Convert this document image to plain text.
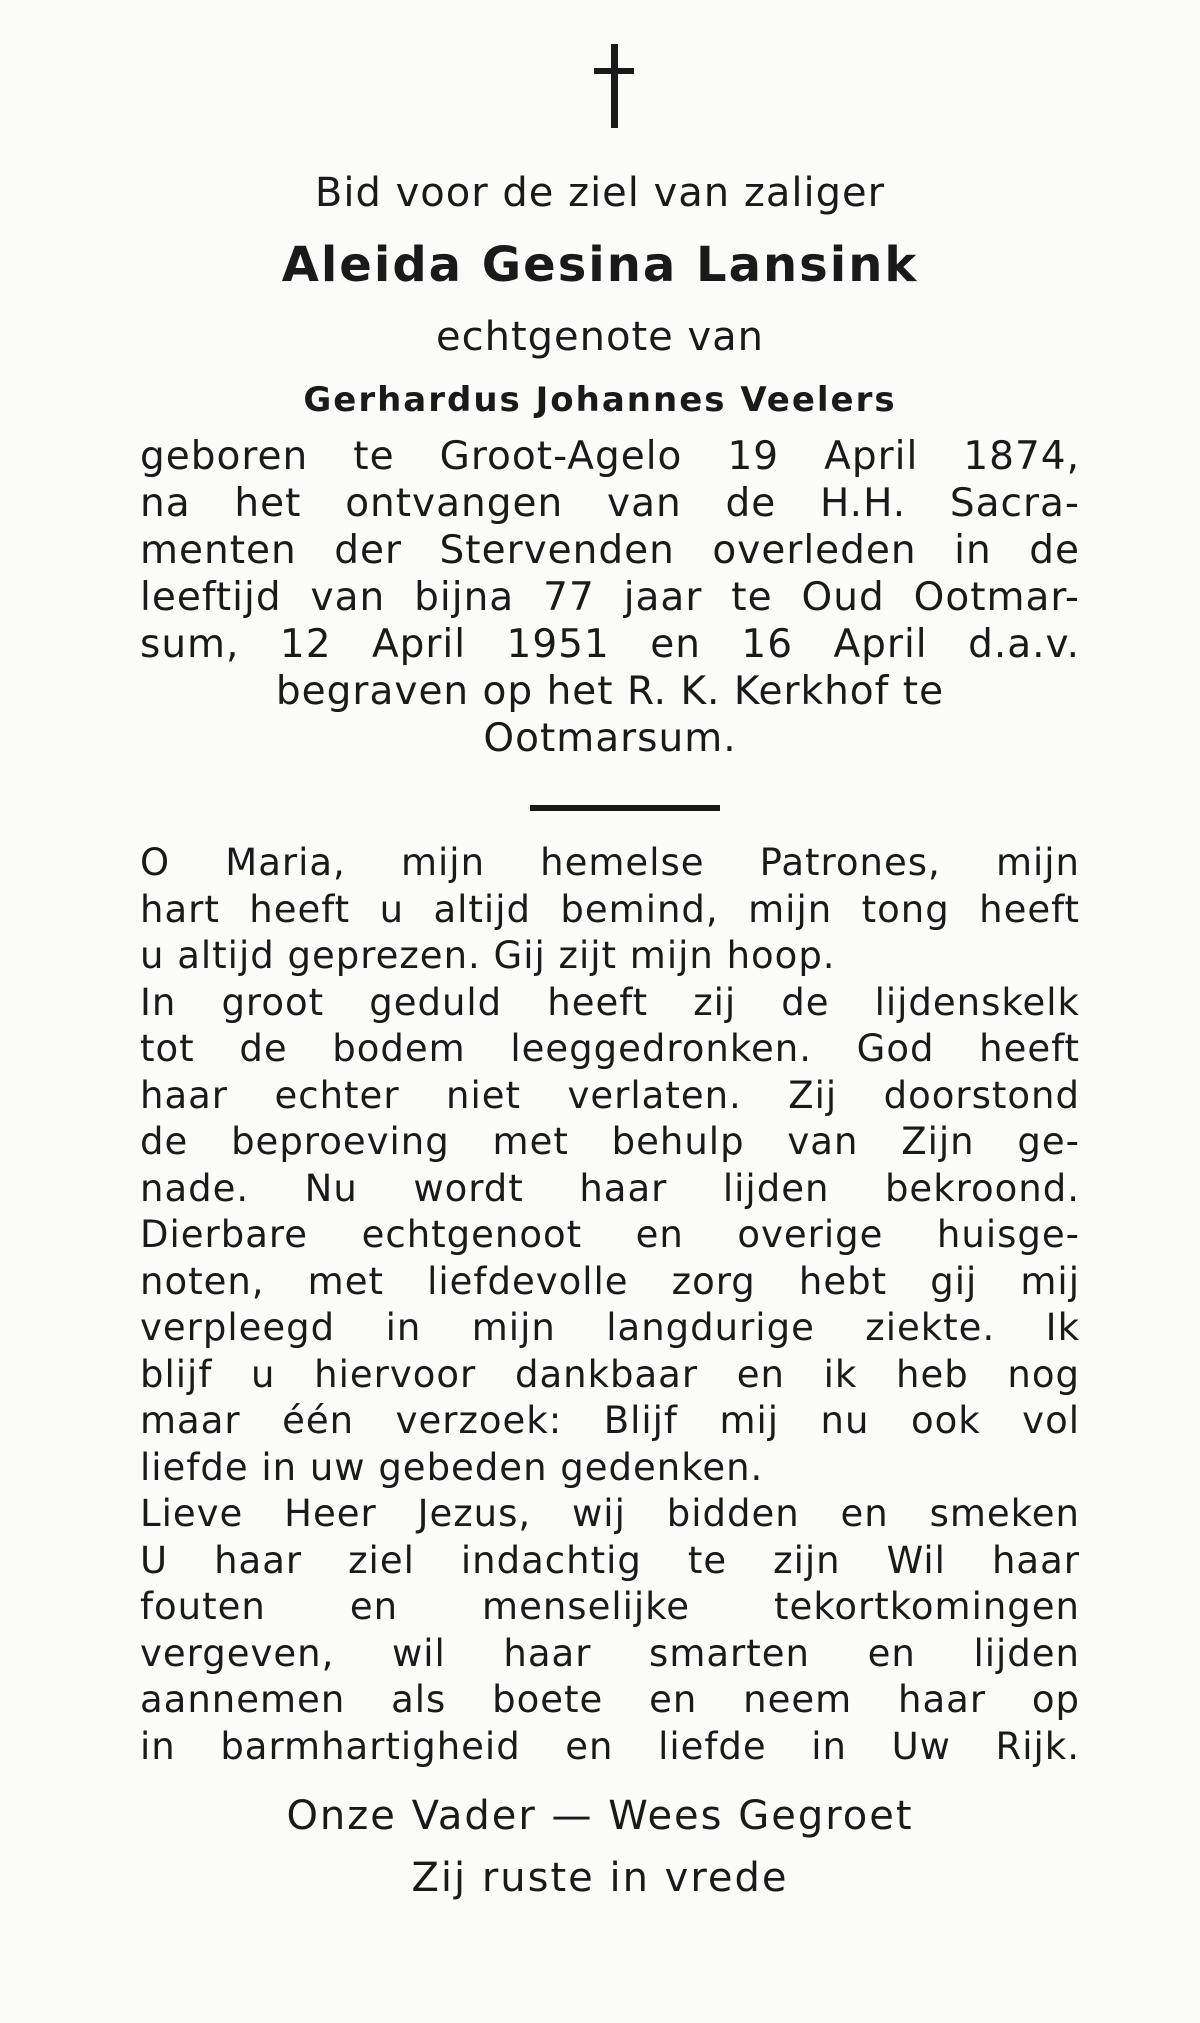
Bid voor de ziel van zaliger

Aleida Gesina Lansink

echtgenote van

Gerhardus Johannes Veelers

geboren te Groot-Agelo 19 April 1874,
na het ontvangen van de H.H. Sacra-
menten der Stervenden overleden in de
leeftijd van bijna 77 jaar te Oud Ootmar-
sum, 12 April 1951 en 16 April d.a.v.
begraven op het R. K. Kerkhof te
Ootmarsum.
O Maria, mijn hemelse Patrones, mijn
hart heeft u altijd bemind, mijn tong heeft
u altijd geprezen. Gij zijt mijn hoop.
In groot geduld heeft zij de lijdenskelk
tot de bodem leeggedronken. God heeft
haar echter niet verlaten. Zij doorstond
de beproeving met behulp van Zijn ge-
nade. Nu wordt haar lijden bekroond.
Dierbare echtgenoot en overige huisge-
noten, met liefdevolle zorg hebt gij mij
verpleegd in mijn langdurige ziekte. Ik
blijf u hiervoor dankbaar en ik heb nog
maar één verzoek: Blijf mij nu ook vol
liefde in uw gebeden gedenken.
Lieve Heer Jezus, wij bidden en smeken
U haar ziel indachtig te zijn Wil haar
fouten en menselijke tekortkomingen
vergeven, wil haar smarten en lijden
aannemen als boete en neem haar op
in barmhartigheid en liefde in Uw Rijk.

Onze Vader — Wees Gegroet

Zij ruste in vrede
